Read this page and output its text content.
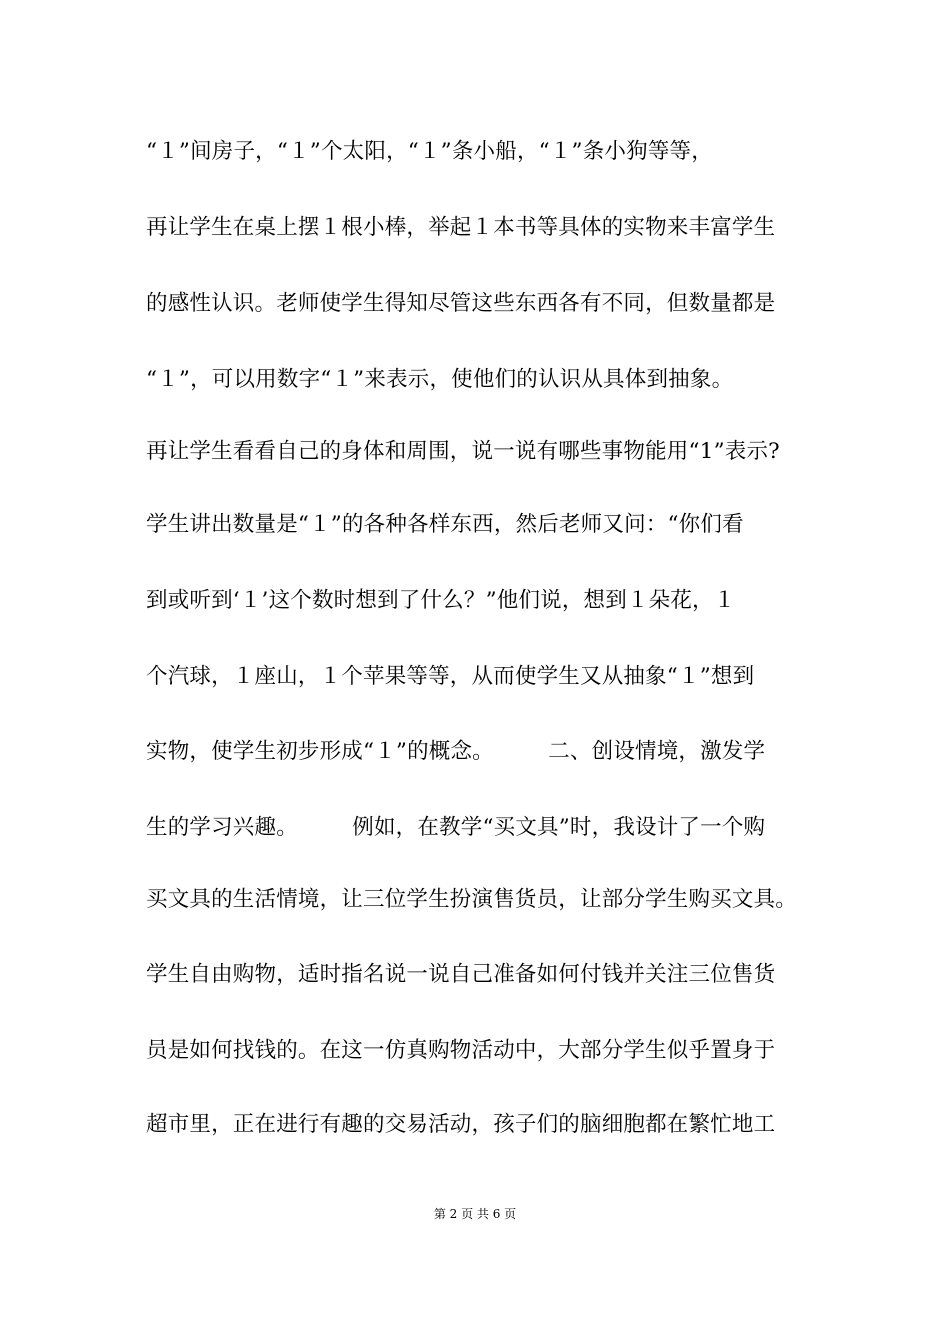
“１”间房子，“１”个太阳，“１”条小船，“１”条小狗等等，
再让学生在桌上摆１根小棒，举起１本书等具体的实物来丰富学生
的感性认识。老师使学生得知尽管这些东西各有不同，但数量都是
“１”，可以用数字“１”来表示，使他们的认识从具体到抽象。
再让学生看看自己的身体和周围，说一说有哪些事物能用“1”表示?
学生讲出数量是“１”的各种各样东西，然后老师又问：“你们看
到或听到‘１’这个数时想到了什么？”他们说，想到１朵花，１
个汽球，１座山，１个苹果等等，从而使学生又从抽象“１”想到
实物，使学生初步形成“１”的概念。　　　二、创设情境，激发学
生的学习兴趣。　　　例如，在教学“买文具”时，我设计了一个购
买文具的生活情境，让三位学生扮演售货员，让部分学生购买文具。
学生自由购物，适时指名说一说自己准备如何付钱并关注三位售货
员是如何找钱的。在这一仿真购物活动中，大部分学生似乎置身于
超市里，正在进行有趣的交易活动，孩子们的脑细胞都在繁忙地工
第 2 页 共 6 页
